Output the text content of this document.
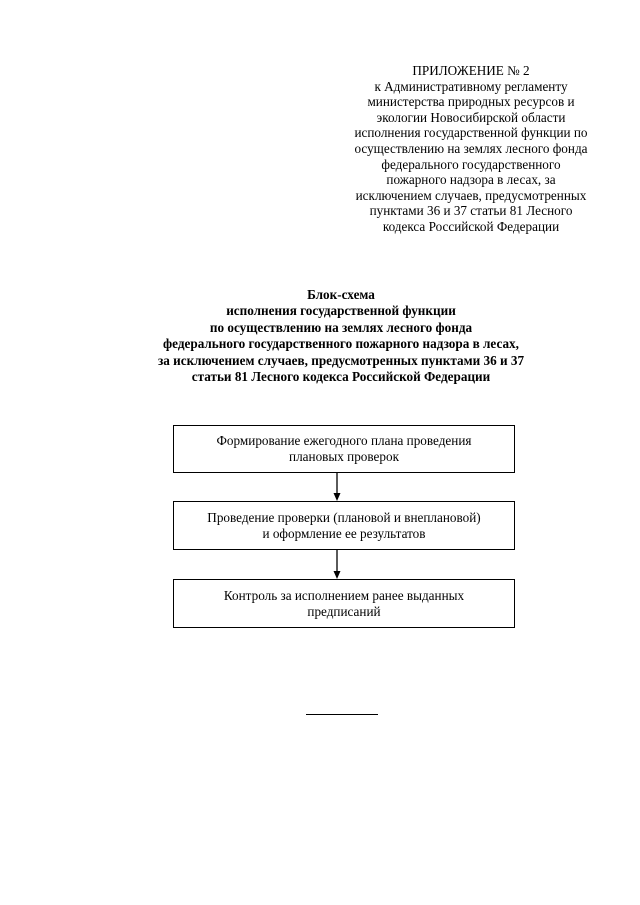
ПРИЛОЖЕНИЕ № 2
к Административному регламенту
министерства природных ресурсов и
экологии Новосибирской области
исполнения государственной функции по
осуществлению на землях лесного фонда
федерального государственного
пожарного надзора в лесах, за
исключением случаев, предусмотренных
пунктами 36 и 37 статьи 81 Лесного
кодекса Российской Федерации
Блок-схема
исполнения государственной функции
по осуществлению на землях лесного фонда
федерального государственного пожарного надзора в лесах,
за исключением случаев, предусмотренных пунктами 36 и 37
статьи 81 Лесного кодекса Российской Федерации
Формирование ежегодного плана проведения
плановых проверок
Проведение проверки (плановой и внеплановой)
и оформление ее результатов
Контроль за исполнением ранее выданных
предписаний
